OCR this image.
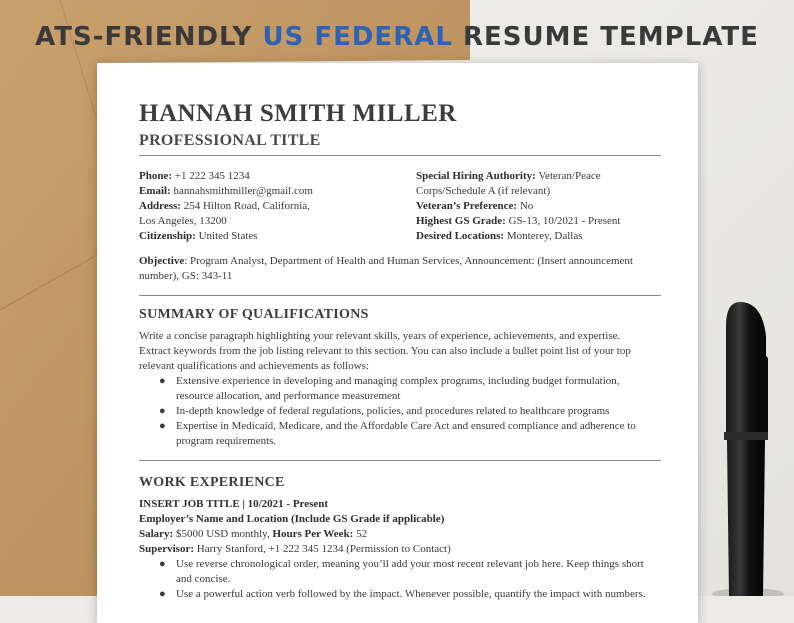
ATS-FRIENDLY US FEDERAL RESUME TEMPLATE
HANNAH SMITH MILLER
PROFESSIONAL TITLE
Phone: +1 222 345 1234
Email: hannahsmithmiller@gmail.com
Address: 254 Hilton Road, California,
Los Angeles, 13200
Citizenship: United States
Special Hiring Authority: Veteran/Peace
Corps/Schedule A (if relevant)
Veteran’s Preference: No
Highest GS Grade: GS-13, 10/2021 - Present
Desired Locations: Monterey, Dallas
Objective: Program Analyst, Department of Health and Human Services, Announcement: (Insert announcement
number), GS: 343-11
SUMMARY OF QUALIFICATIONS
Write a concise paragraph highlighting your relevant skills, years of experience, achievements, and expertise.
Extract keywords from the job listing relevant to this section. You can also include a bullet point list of your top
relevant qualifications and achievements as follows:
● Extensive experience in developing and managing complex programs, including budget formulation,
resource allocation, and performance measurement
● In-depth knowledge of federal regulations, policies, and procedures related to healthcare programs
● Expertise in Medicaid, Medicare, and the Affordable Care Act and ensured compliance and adherence to
program requirements.
WORK EXPERIENCE
INSERT JOB TITLE | 10/2021 - Present
Employer’s Name and Location (Include GS Grade if applicable)
Salary: $5000 USD monthly, Hours Per Week: 52
Supervisor: Harry Stanford, +1 222 345 1234 (Permission to Contact)
● Use reverse chronological order, meaning you’ll add your most recent relevant job here. Keep things short
and concise.
● Use a powerful action verb followed by the impact. Whenever possible, quantify the impact with numbers.
